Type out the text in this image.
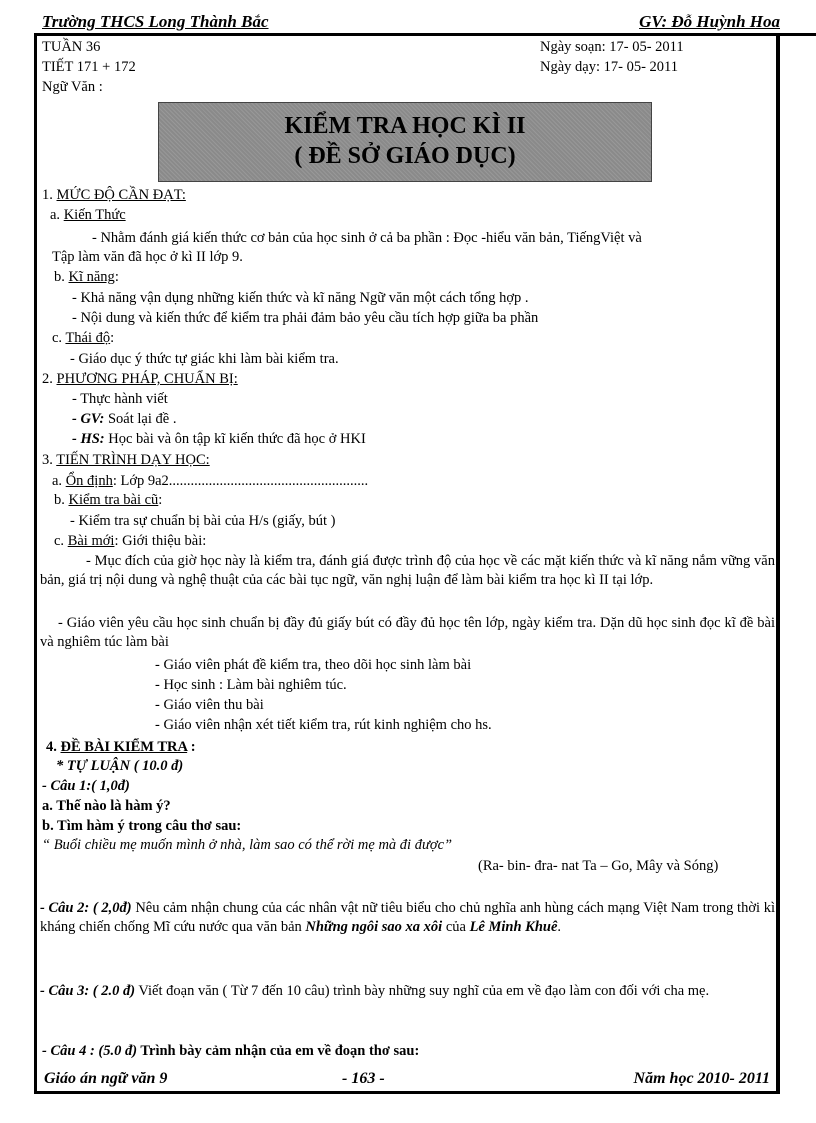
Trường THCS Long Thành Bắc	GV: Đỗ Huỳnh Hoa
TUẦN 36
TIẾT 171 + 172
Ngữ Văn :
Ngày soạn: 17- 05- 2011
Ngày dạy: 17- 05- 2011
KIỂM TRA HỌC KÌ II
( ĐỀ SỞ GIÁO DỤC)
1. MỨC ĐỘ CẦN ĐẠT:
a. Kiến Thức
- Nhằm đánh giá kiến thức cơ bản của học sinh ở cả ba phần : Đọc -hiểu văn bản, TiếngViệt và
Tập làm văn đã học ở kì II lớp 9.
b. Kĩ năng:
- Khả năng vận dụng những kiến thức và kĩ năng Ngữ văn một cách tổng hợp .
- Nội dung và kiến thức để kiểm tra phải đảm bảo yêu cầu tích hợp giữa ba phần
c. Thái độ:
- Giáo dục ý thức tự giác khi làm bài kiểm tra.
2. PHƯƠNG PHÁP, CHUẨN BỊ:
- Thực hành viết
- GV: Soát lại đề .
- HS: Học bài và ôn tập kĩ kiến thức đã học ở HKI
3. TIẾN TRÌNH DẠY HỌC:
a. Ổn định: Lớp 9a2.......................................................
b. Kiểm tra bài cũ:
- Kiểm tra sự chuẩn bị bài của H/s (giấy, bút )
c. Bài mới: Giới thiệu bài:
- Mục đích của giờ học này là kiểm tra, đánh giá được trình độ của học về các mặt kiến thức và kĩ năng nắm vững văn bản, giá trị nội dung và nghệ thuật của các bài tục ngữ, văn nghị luận để làm bài kiểm tra học kì II tại lớp.
- Giáo viên yêu cầu học sinh chuẩn bị đầy đủ giấy bút có đầy đủ học tên lớp, ngày kiểm tra. Dặn dũ học sinh đọc kĩ đề bài và nghiêm túc làm bài
- Giáo viên phát đề kiểm tra, theo dõi học sinh làm bài
- Học sinh : Làm bài nghiêm túc.
- Giáo viên thu bài
- Giáo viên nhận xét tiết kiểm tra, rút kinh nghiệm cho hs.
4. ĐỀ BÀI KIỂM TRA :
* TỰ LUẬN ( 10.0 đ)
- Câu 1:( 1,0đ)
a. Thế nào là hàm ý?
b. Tìm hàm ý trong câu thơ sau:
“ Buổi chiều mẹ muốn mình ở nhà, làm sao có thể rời mẹ mà đi được”
(Ra- bin- đra- nat Ta – Go, Mây và Sóng)
- Câu 2: ( 2,0đ) Nêu cảm nhận chung của các nhân vật nữ tiêu biểu cho chủ nghĩa anh hùng cách mạng Việt Nam trong thời kì kháng chiến chống Mĩ cứu nước qua văn bản Những ngôi sao xa xôi của Lê Minh Khuê.
- Câu 3: ( 2.0 đ) Viết đoạn văn ( Từ 7 đến 10 câu) trình bày những suy nghĩ của em về đạo làm con đối với cha mẹ.
- Câu 4 : (5.0 đ) Trình bày cảm nhận của em về đoạn thơ sau:
Giáo án ngữ văn 9	- 163 -	Năm học 2010- 2011
